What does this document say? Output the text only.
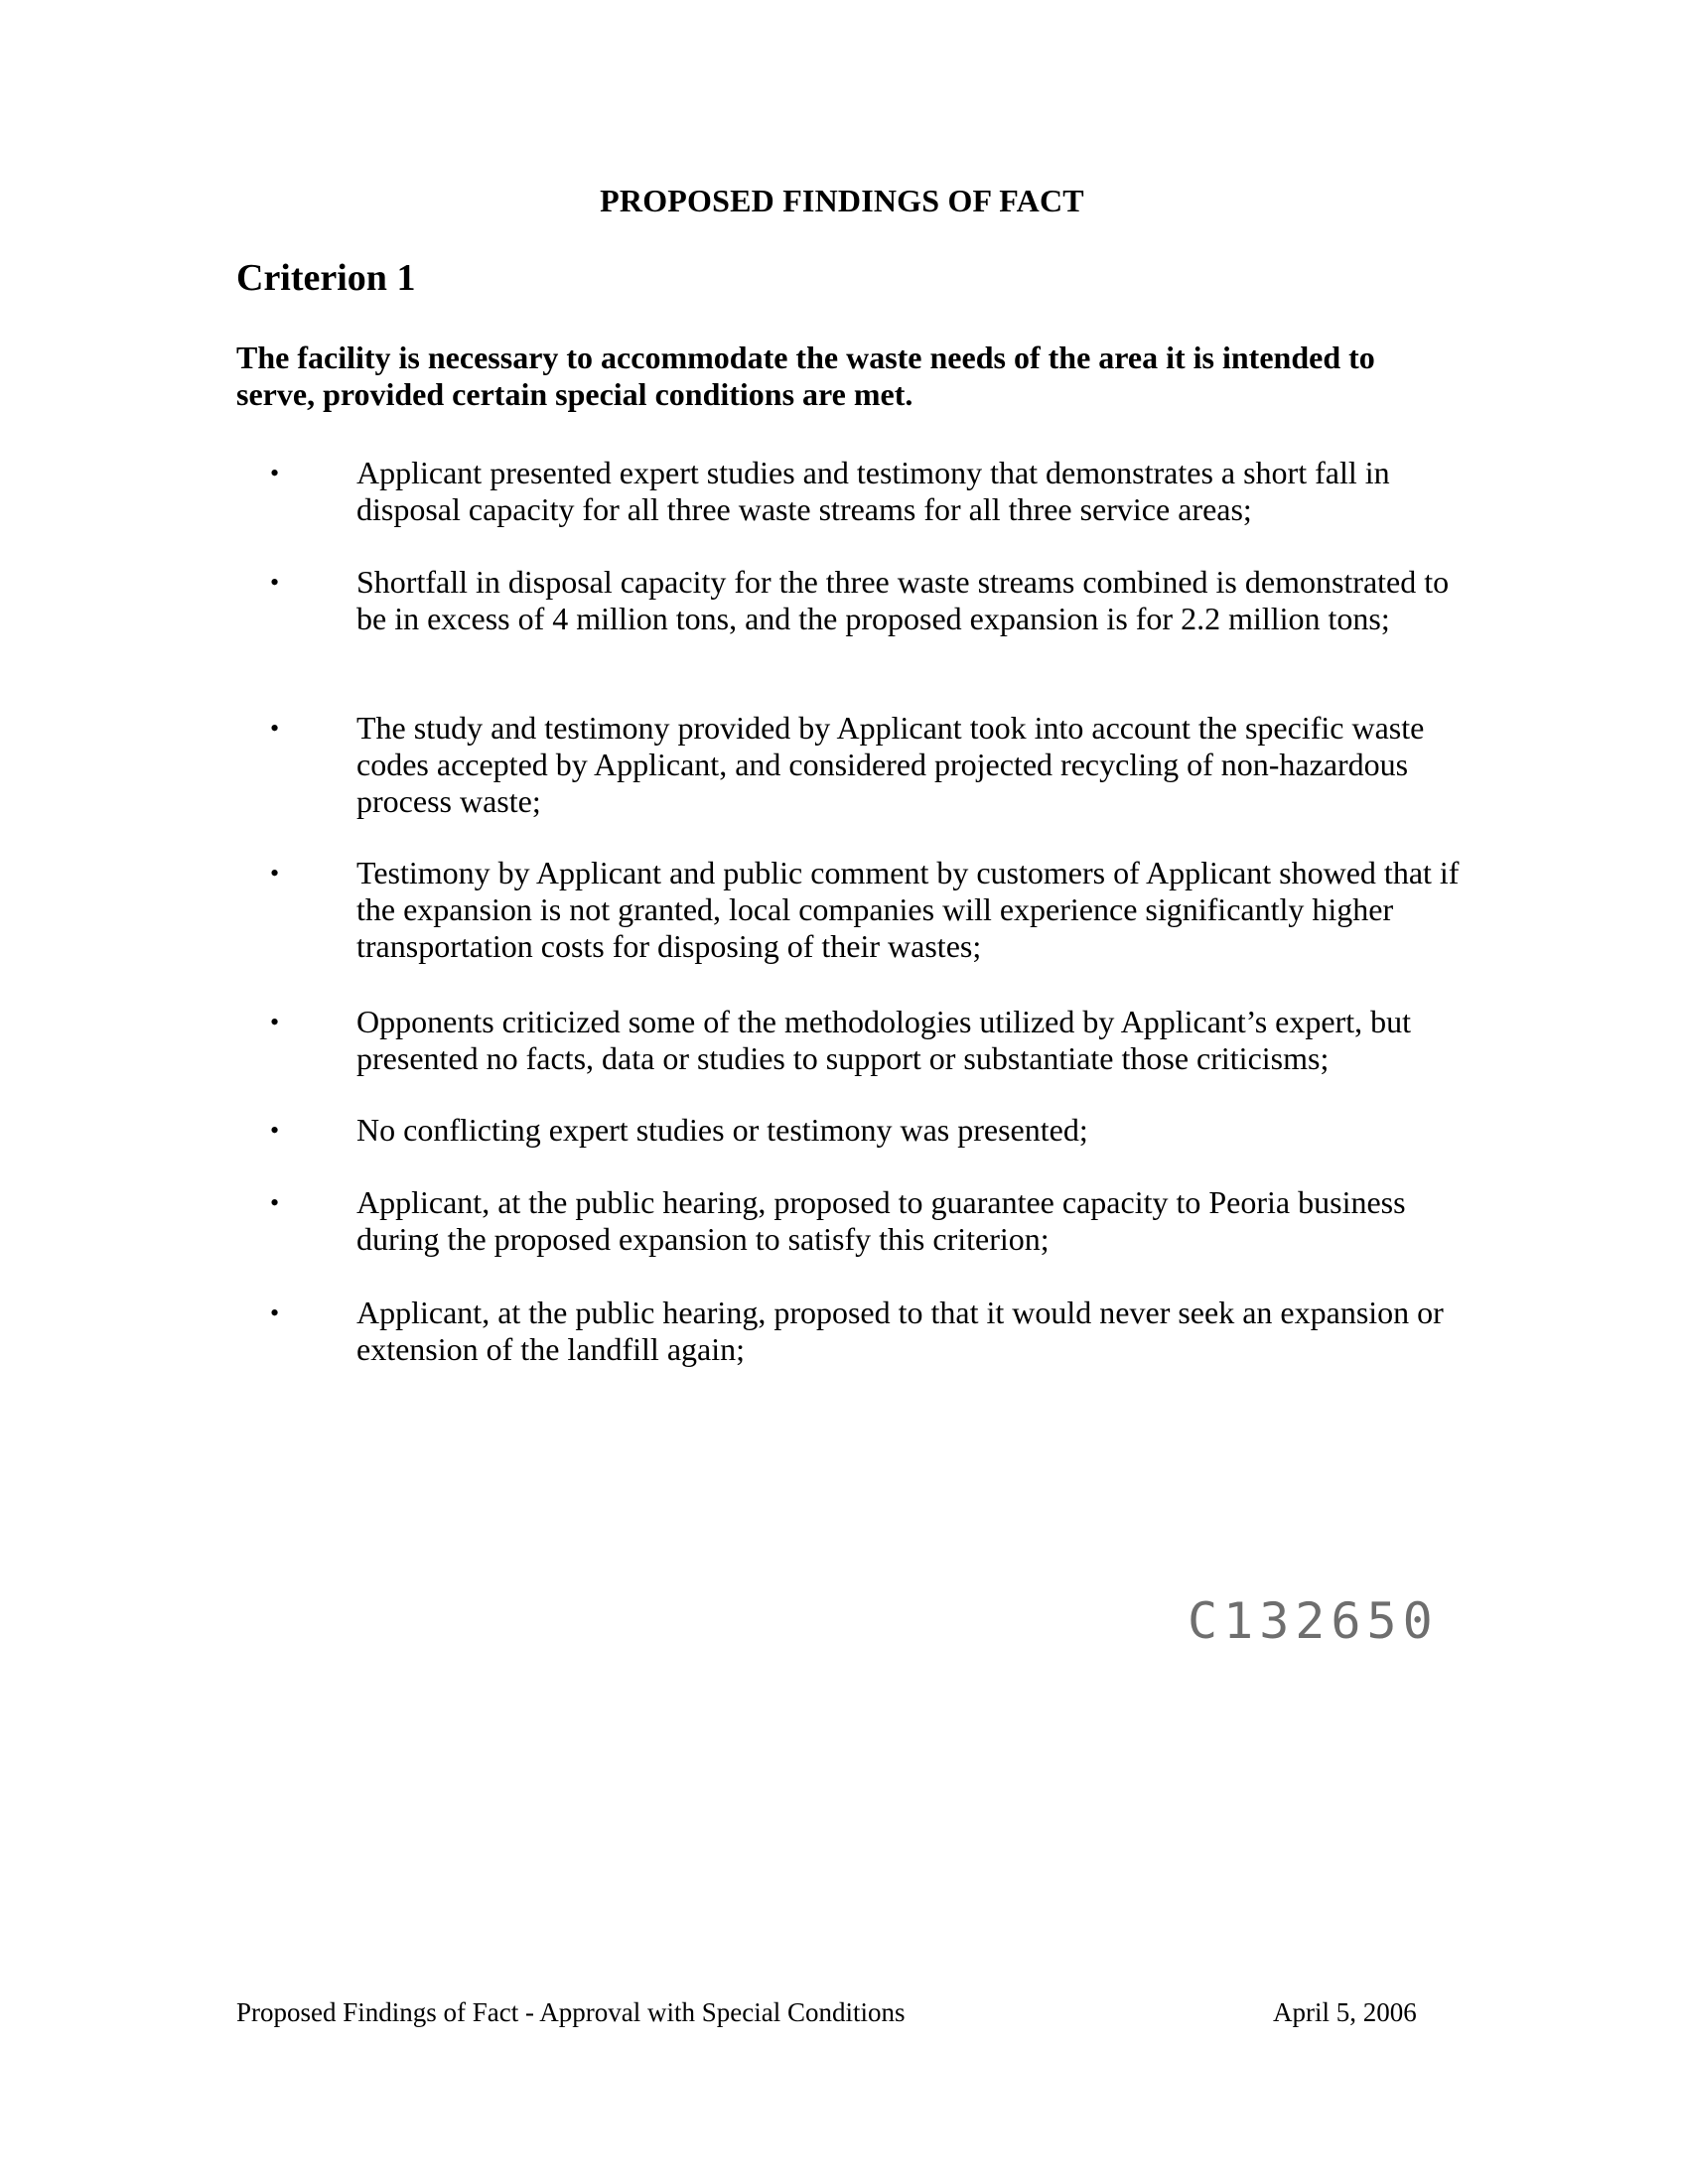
PROPOSED FINDINGS OF FACT
Criterion 1
The facility is necessary to accommodate the waste needs of the area it is intended to serve, provided certain special conditions are met.
• Applicant presented expert studies and testimony that demonstrates a short fall in disposal capacity for all three waste streams for all three service areas;
• Shortfall in disposal capacity for the three waste streams combined is demonstrated to be in excess of 4 million tons, and the proposed expansion is for 2.2 million tons;
• The study and testimony provided by Applicant took into account the specific waste codes accepted by Applicant, and considered projected recycling of non-hazardous process waste;
• Testimony by Applicant and public comment by customers of Applicant showed that if the expansion is not granted, local companies will experience significantly higher transportation costs for disposing of their wastes;
• Opponents criticized some of the methodologies utilized by Applicant’s expert, but presented no facts, data or studies to support or substantiate those criticisms;
• No conflicting expert studies or testimony was presented;
• Applicant, at the public hearing, proposed to guarantee capacity to Peoria business during the proposed expansion to satisfy this criterion;
• Applicant, at the public hearing, proposed to that it would never seek an expansion or extension of the landfill again;
C132650
Proposed Findings of Fact - Approval with Special Conditions	April 5, 2006
